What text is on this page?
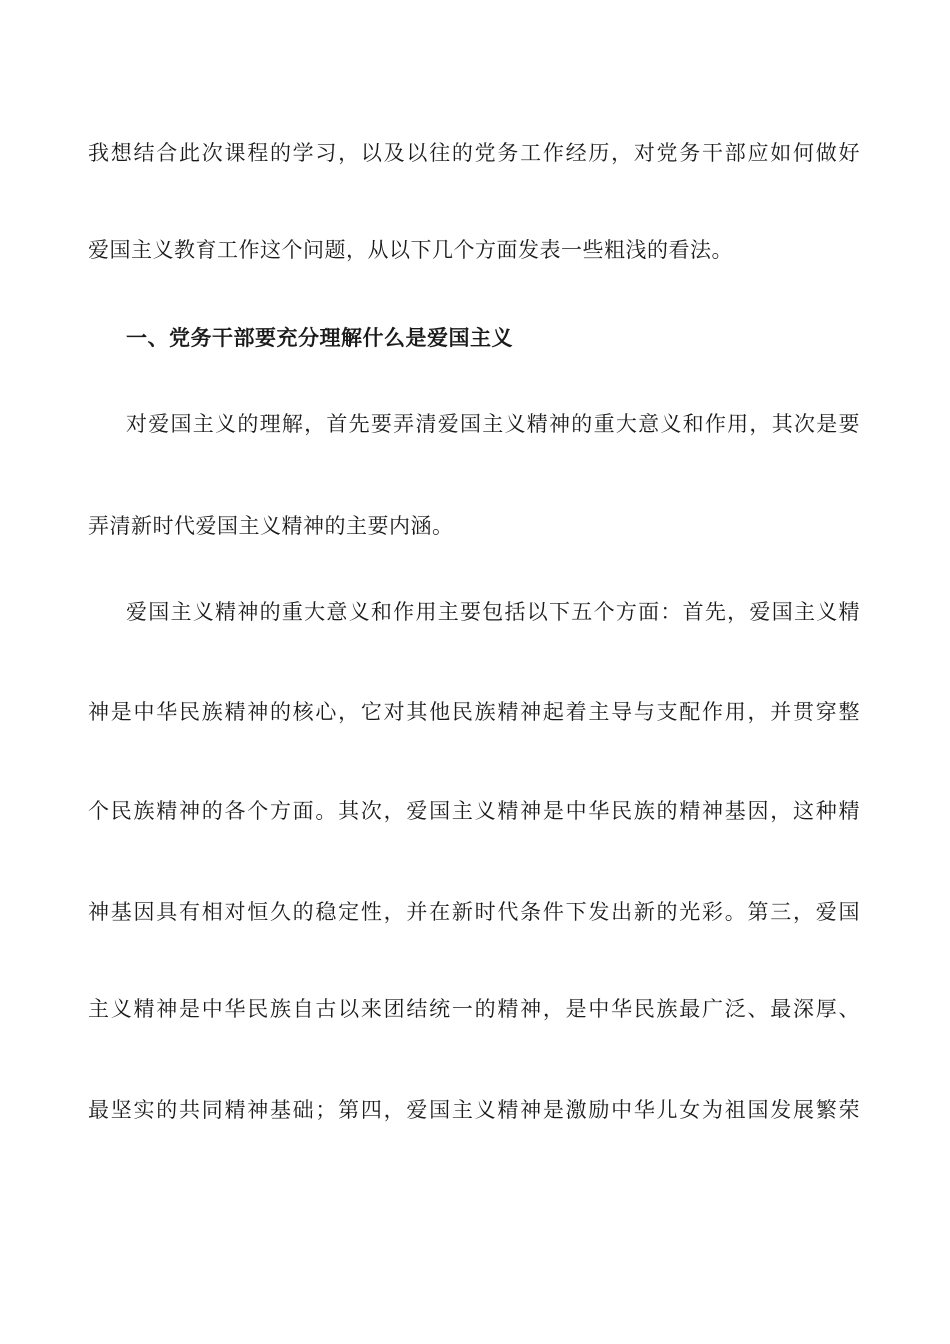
我想结合此次课程的学习，以及以往的党务工作经历，对党务干部应如何做好
爱国主义教育工作这个问题，从以下几个方面发表一些粗浅的看法。
一、党务干部要充分理解什么是爱国主义
对爱国主义的理解，首先要弄清爱国主义精神的重大意义和作用，其次是要
弄清新时代爱国主义精神的主要内涵。
爱国主义精神的重大意义和作用主要包括以下五个方面：首先，爱国主义精
神是中华民族精神的核心，它对其他民族精神起着主导与支配作用，并贯穿整
个民族精神的各个方面。其次，爱国主义精神是中华民族的精神基因，这种精
神基因具有相对恒久的稳定性，并在新时代条件下发出新的光彩。第三，爱国
主义精神是中华民族自古以来团结统一的精神，是中华民族最广泛、最深厚、
最坚实的共同精神基础；第四，爱国主义精神是激励中华儿女为祖国发展繁荣
